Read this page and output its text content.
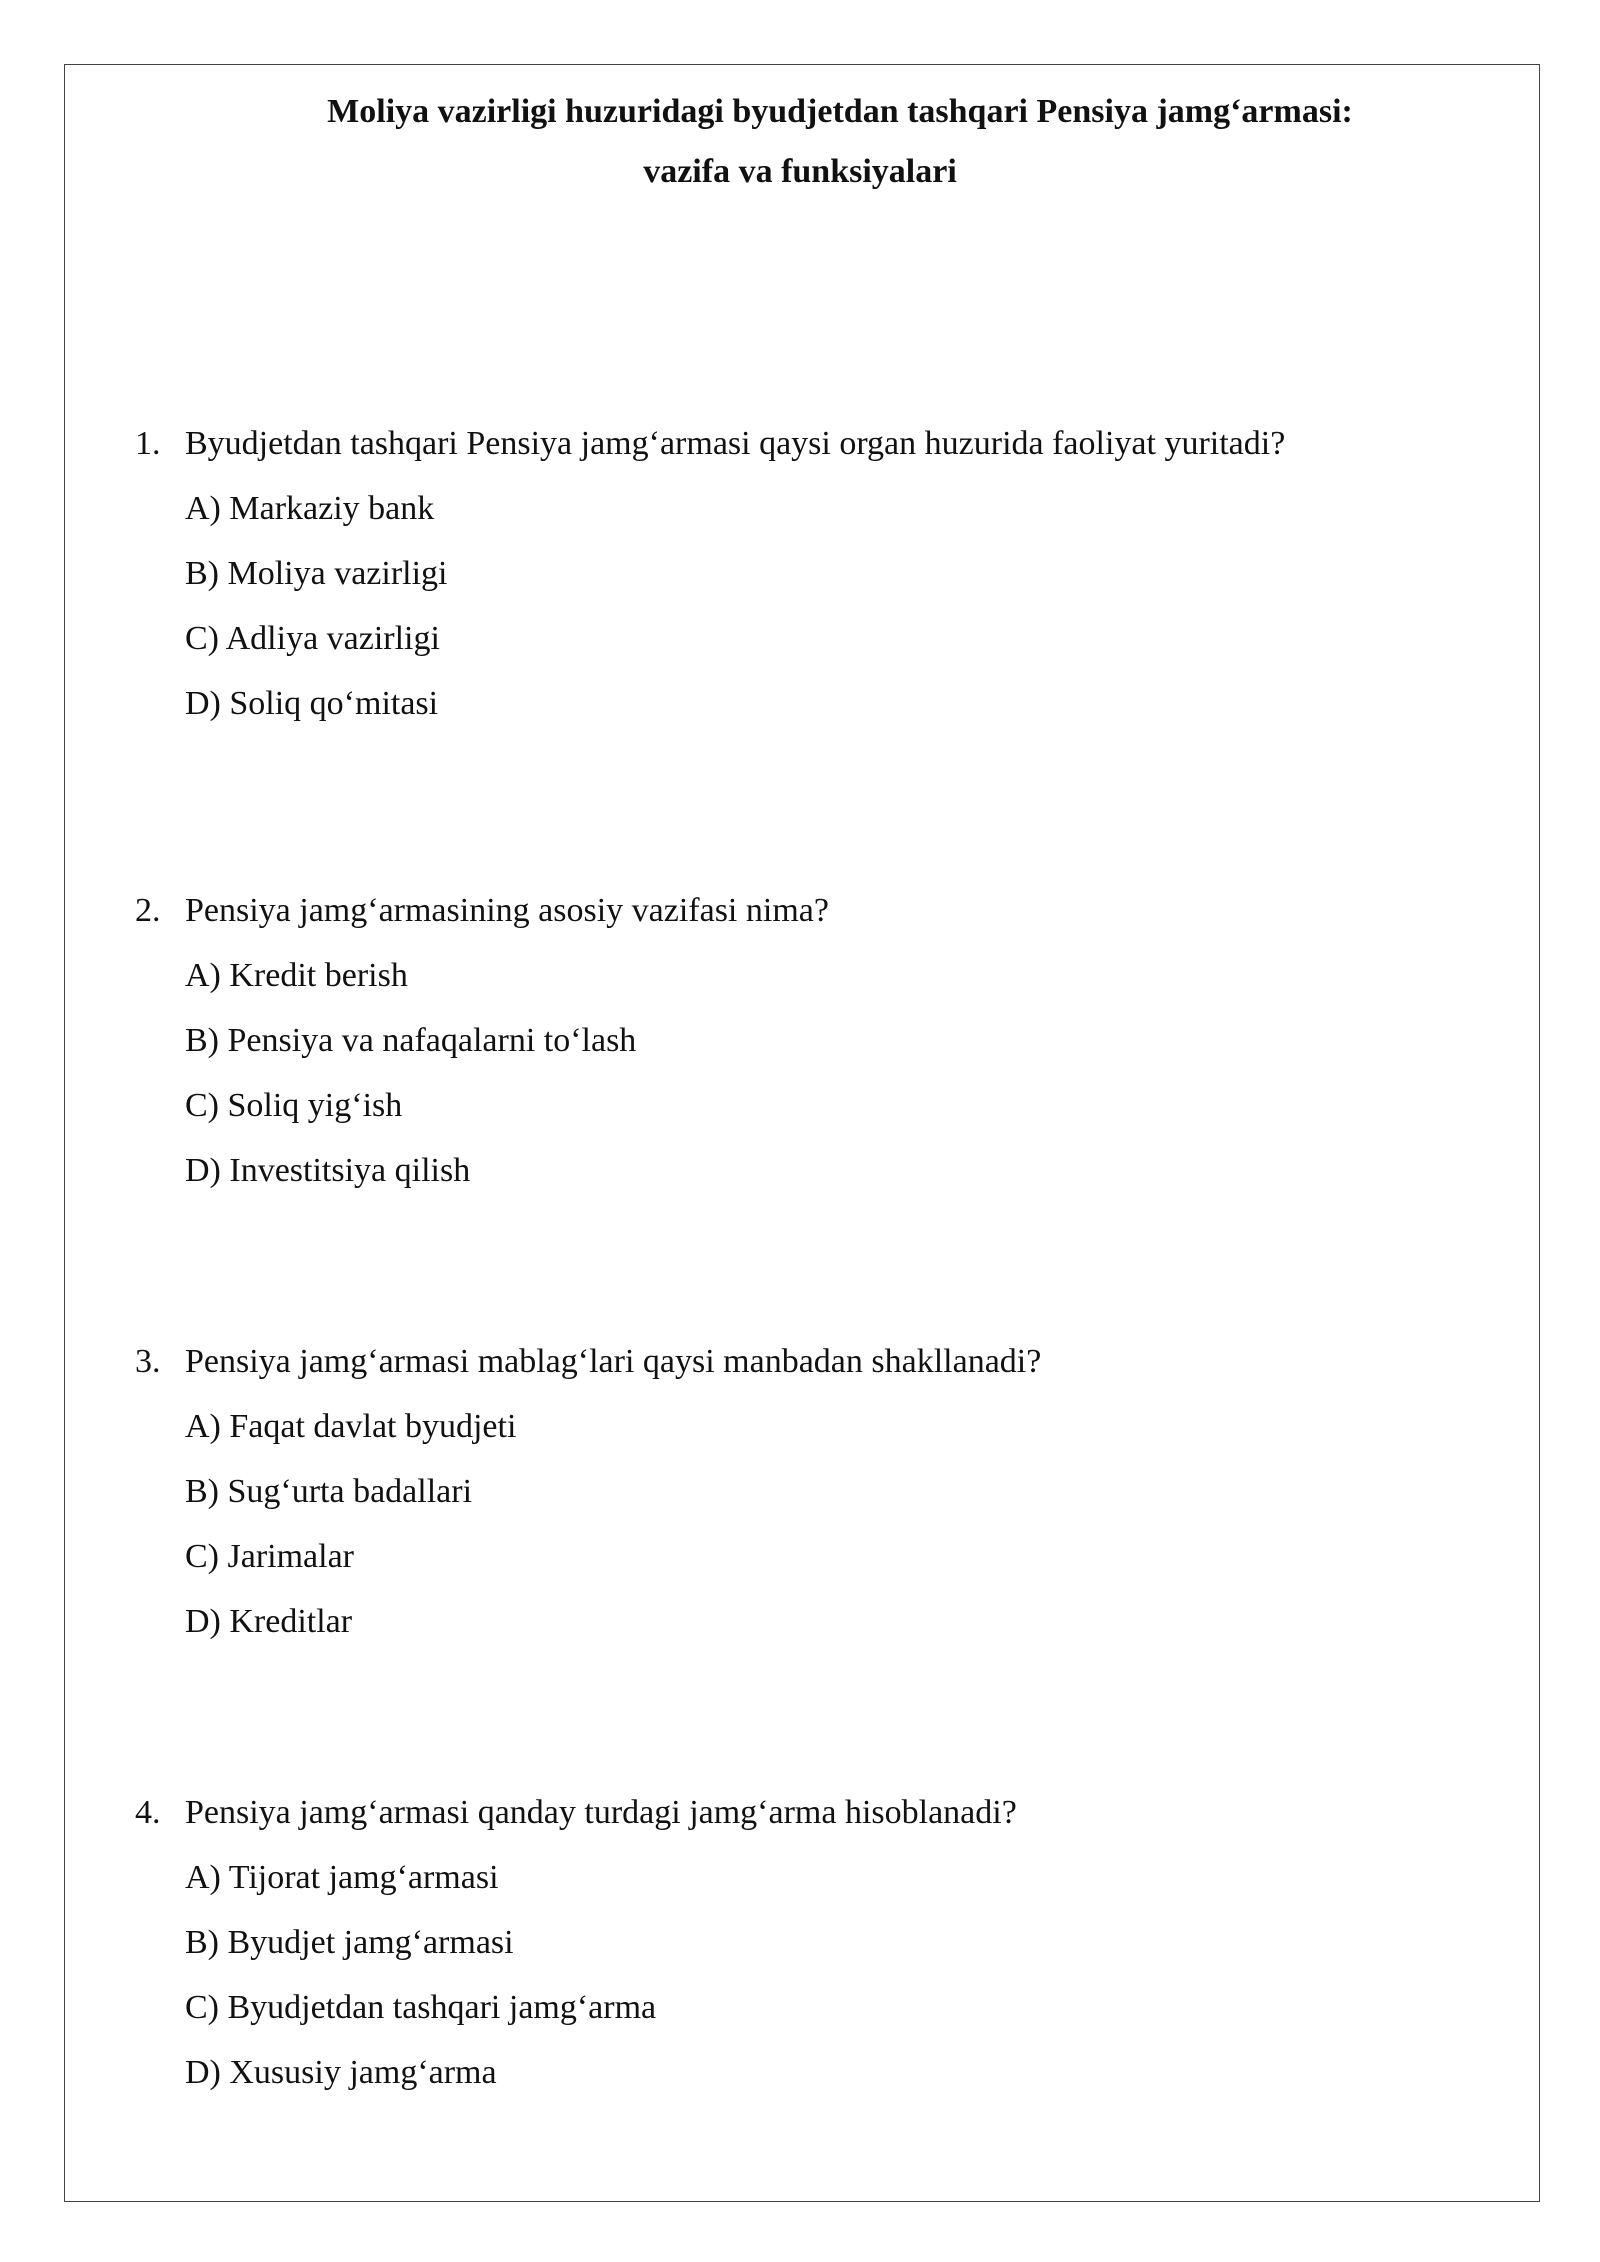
Moliya vazirligi huzuridagi byudjetdan tashqari Pensiya jamg‘armasi:
vazifa va funksiyalari
1. Byudjetdan tashqari Pensiya jamg‘armasi qaysi organ huzurida faoliyat yuritadi?
A) Markaziy bank
B) Moliya vazirligi
C) Adliya vazirligi
D) Soliq qo‘mitasi
2. Pensiya jamg‘armasining asosiy vazifasi nima?
A) Kredit berish
B) Pensiya va nafaqalarni to‘lash
C) Soliq yig‘ish
D) Investitsiya qilish
3. Pensiya jamg‘armasi mablag‘lari qaysi manbadan shakllanadi?
A) Faqat davlat byudjeti
B) Sug‘urta badallari
C) Jarimalar
D) Kreditlar
4. Pensiya jamg‘armasi qanday turdagi jamg‘arma hisoblanadi?
A) Tijorat jamg‘armasi
B) Byudjet jamg‘armasi
C) Byudjetdan tashqari jamg‘arma
D) Xususiy jamg‘arma
